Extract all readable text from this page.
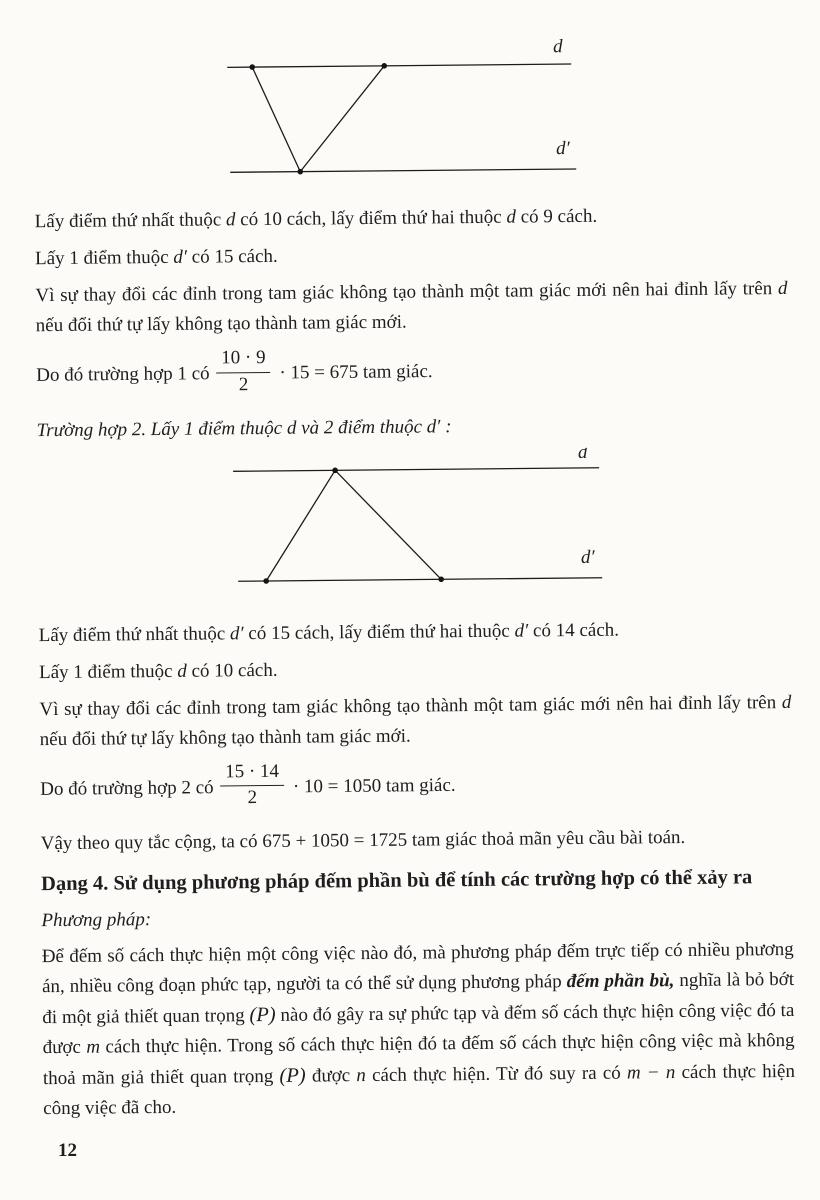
d
d′

Lấy điểm thứ nhất thuộc d có 10 cách, lấy điểm thứ hai thuộc d có 9 cách.

Lấy 1 điểm thuộc d′ có 15 cách.

Vì sự thay đổi các đỉnh trong tam giác không tạo thành một tam giác mới nên hai đỉnh lấy trên d nếu đổi thứ tự lấy không tạo thành tam giác mới.

Do đó trường hợp 1 có $\frac{10 \cdot 9}{2} \cdot 15 = 675$ tam giác.

Trường hợp 2. Lấy 1 điểm thuộc d và 2 điểm thuộc d′ :

d
d′

Lấy điểm thứ nhất thuộc d′ có 15 cách, lấy điểm thứ hai thuộc d′ có 14 cách.

Lấy 1 điểm thuộc d có 10 cách.

Vì sự thay đổi các đỉnh trong tam giác không tạo thành một tam giác mới nên hai đỉnh lấy trên d nếu đổi thứ tự lấy không tạo thành tam giác mới.

Do đó trường hợp 2 có $\frac{15 \cdot 14}{2} \cdot 10 = 1050$ tam giác.

Vậy theo quy tắc cộng, ta có 675 + 1050 = 1725 tam giác thoả mãn yêu cầu bài toán.

Dạng 4. Sử dụng phương pháp đếm phần bù để tính các trường hợp có thể xảy ra

Phương pháp:

Để đếm số cách thực hiện một công việc nào đó, mà phương pháp đếm trực tiếp có nhiều phương án, nhiều công đoạn phức tạp, người ta có thể sử dụng phương pháp đếm phần bù, nghĩa là bỏ bớt đi một giả thiết quan trọng (P) nào đó gây ra sự phức tạp và đếm số cách thực hiện công việc đó ta được m cách thực hiện. Trong số cách thực hiện đó ta đếm số cách thực hiện công việc mà không thoả mãn giả thiết quan trọng (P) được n cách thực hiện. Từ đó suy ra có m − n cách thực hiện công việc đã cho.

12
